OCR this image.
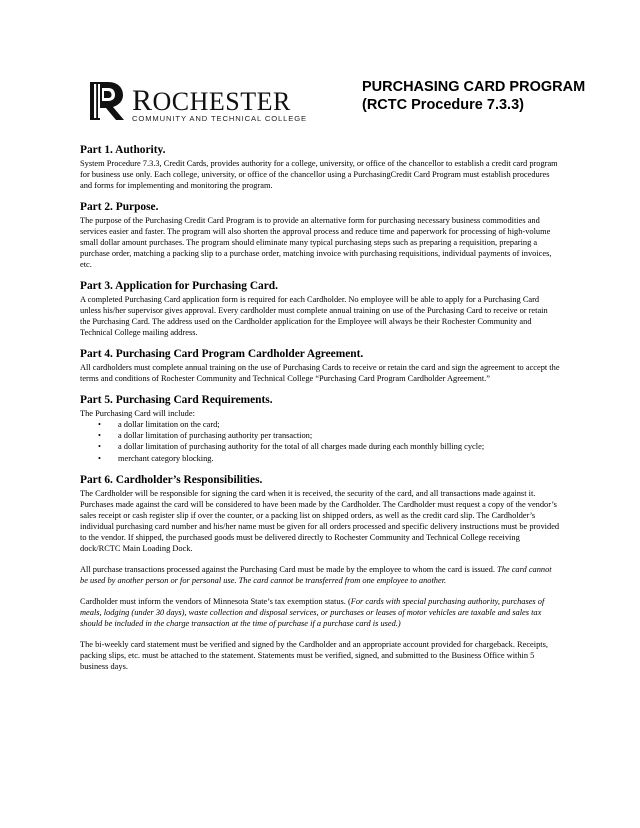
ROCHESTER
COMMUNITY AND TECHNICAL COLLEGE
PURCHASING CARD PROGRAM
(RCTC Procedure 7.3.3)
Part 1. Authority.

System Procedure 7.3.3, Credit Cards, provides authority for a college, university, or office of the chancellor to establish a credit card program for business use only. Each college, university, or office of the chancellor using a PurchasingCredit Card Program must establish procedures and forms for implementing and monitoring the program.

Part 2. Purpose.

The purpose of the Purchasing Credit Card Program is to provide an alternative form for purchasing necessary business commodities and services easier and faster. The program will also shorten the approval process and reduce time and paperwork for processing of high-volume small dollar amount purchases. The program should eliminate many typical purchasing steps such as preparing a requisition, preparing a purchase order, matching a packing slip to a purchase order, matching invoice with purchasing requisitions, individual payments of invoices, etc.

Part 3. Application for Purchasing Card.

A completed Purchasing Card application form is required for each Cardholder. No employee will be able to apply for a Purchasing Card unless his/her supervisor gives approval. Every cardholder must complete annual training on use of the Purchasing Card to receive or retain the Purchasing Card. The address used on the Cardholder application for the Employee will always be their Rochester Community and Technical College mailing address.

Part 4. Purchasing Card Program Cardholder Agreement.

All cardholders must complete annual training on the use of Purchasing Cards to receive or retain the card and sign the agreement to accept the terms and conditions of Rochester Community and Technical College “Purchasing Card Program Cardholder Agreement.”

Part 5. Purchasing Card Requirements.

The Purchasing Card will include:

• a dollar limitation on the card;
• a dollar limitation of purchasing authority per transaction;
• a dollar limitation of purchasing authority for the total of all charges made during each monthly billing cycle;
• merchant category blocking.
Part 6. Cardholder’s Responsibilities.

The Cardholder will be responsible for signing the card when it is received, the security of the card, and all transactions made against it. Purchases made against the card will be considered to have been made by the Cardholder. The Cardholder must request a copy of the vendor’s sales receipt or cash register slip if over the counter, or a packing list on shipped orders, as well as the credit card slip. The Cardholder’s individual purchasing card number and his/her name must be given for all orders processed and specific delivery instructions must be provided to the vendor. If shipped, the purchased goods must be delivered directly to Rochester Community and Technical College receiving dock/RCTC Main Loading Dock.

All purchase transactions processed against the Purchasing Card must be made by the employee to whom the card is issued. The card cannot be used by another person or for personal use. The card cannot be transferred from one employee to another.

Cardholder must inform the vendors of Minnesota State’s tax exemption status. (For cards with special purchasing authority, purchases of meals, lodging (under 30 days), waste collection and disposal services, or purchases or leases of motor vehicles are taxable and sales tax should be included in the charge transaction at the time of purchase if a purchase card is used.)

The bi-weekly card statement must be verified and signed by the Cardholder and an appropriate account provided for chargeback. Receipts, packing slips, etc. must be attached to the statement. Statements must be verified, signed, and submitted to the Business Office within 5 business days.
